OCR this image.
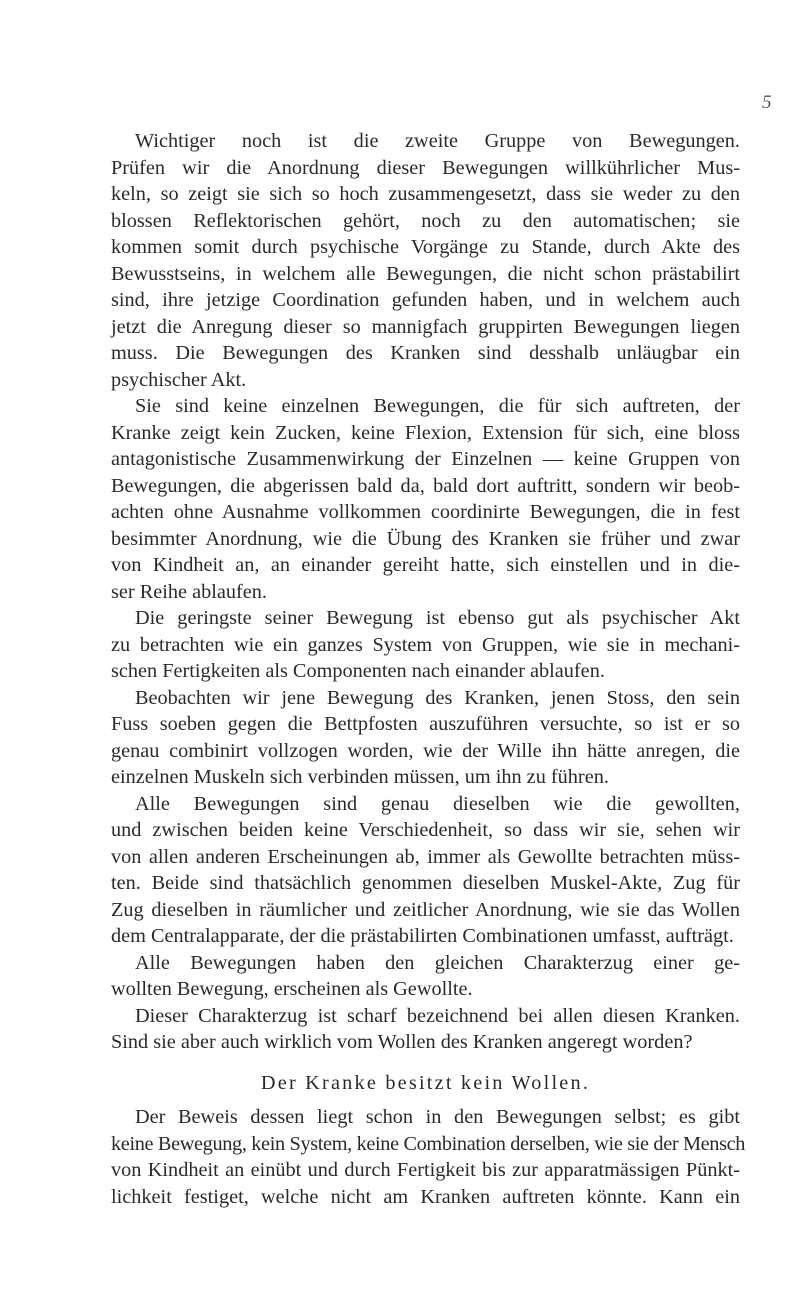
5
Wichtiger noch ist die zweite Gruppe von Bewegungen.
Prüfen wir die Anordnung dieser Bewegungen willkührlicher Mus-
keln, so zeigt sie sich so hoch zusammengesetzt, dass sie weder zu den
blossen Reflektorischen gehört, noch zu den automatischen; sie
kommen somit durch psychische Vorgänge zu Stande, durch Akte des
Bewusstseins, in welchem alle Bewegungen, die nicht schon prästabilirt
sind, ihre jetzige Coordination gefunden haben, und in welchem auch
jetzt die Anregung dieser so mannigfach gruppirten Bewegungen liegen
muss. Die Bewegungen des Kranken sind desshalb unläugbar ein
psychischer Akt.
Sie sind keine einzelnen Bewegungen, die für sich auftreten, der
Kranke zeigt kein Zucken, keine Flexion, Extension für sich, eine bloss
antagonistische Zusammenwirkung der Einzelnen — keine Gruppen von
Bewegungen, die abgerissen bald da, bald dort auftritt, sondern wir beob-
achten ohne Ausnahme vollkommen coordinirte Bewegungen, die in fest
besimmter Anordnung, wie die Übung des Kranken sie früher und zwar
von Kindheit an, an einander gereiht hatte, sich einstellen und in die-
ser Reihe ablaufen.
Die geringste seiner Bewegung ist ebenso gut als psychischer Akt
zu betrachten wie ein ganzes System von Gruppen, wie sie in mechani-
schen Fertigkeiten als Componenten nach einander ablaufen.
Beobachten wir jene Bewegung des Kranken, jenen Stoss, den sein
Fuss soeben gegen die Bettpfosten auszuführen versuchte, so ist er so
genau combinirt vollzogen worden, wie der Wille ihn hätte anregen, die
einzelnen Muskeln sich verbinden müssen, um ihn zu führen.
Alle Bewegungen sind genau dieselben wie die gewollten,
und zwischen beiden keine Verschiedenheit, so dass wir sie, sehen wir
von allen anderen Erscheinungen ab, immer als Gewollte betrachten müss-
ten. Beide sind thatsächlich genommen dieselben Muskel-Akte, Zug für
Zug dieselben in räumlicher und zeitlicher Anordnung, wie sie das Wollen
dem Centralapparate, der die prästabilirten Combinationen umfasst, aufträgt.
Alle Bewegungen haben den gleichen Charakterzug einer ge-
wollten Bewegung, erscheinen als Gewollte.
Dieser Charakterzug ist scharf bezeichnend bei allen diesen Kranken.
Sind sie aber auch wirklich vom Wollen des Kranken angeregt worden?
Der Kranke besitzt kein Wollen.
Der Beweis dessen liegt schon in den Bewegungen selbst; es gibt
keine Bewegung, kein System, keine Combination derselben, wie sie der Mensch
von Kindheit an einübt und durch Fertigkeit bis zur apparatmässigen Pünkt-
lichkeit festiget, welche nicht am Kranken auftreten könnte. Kann ein
